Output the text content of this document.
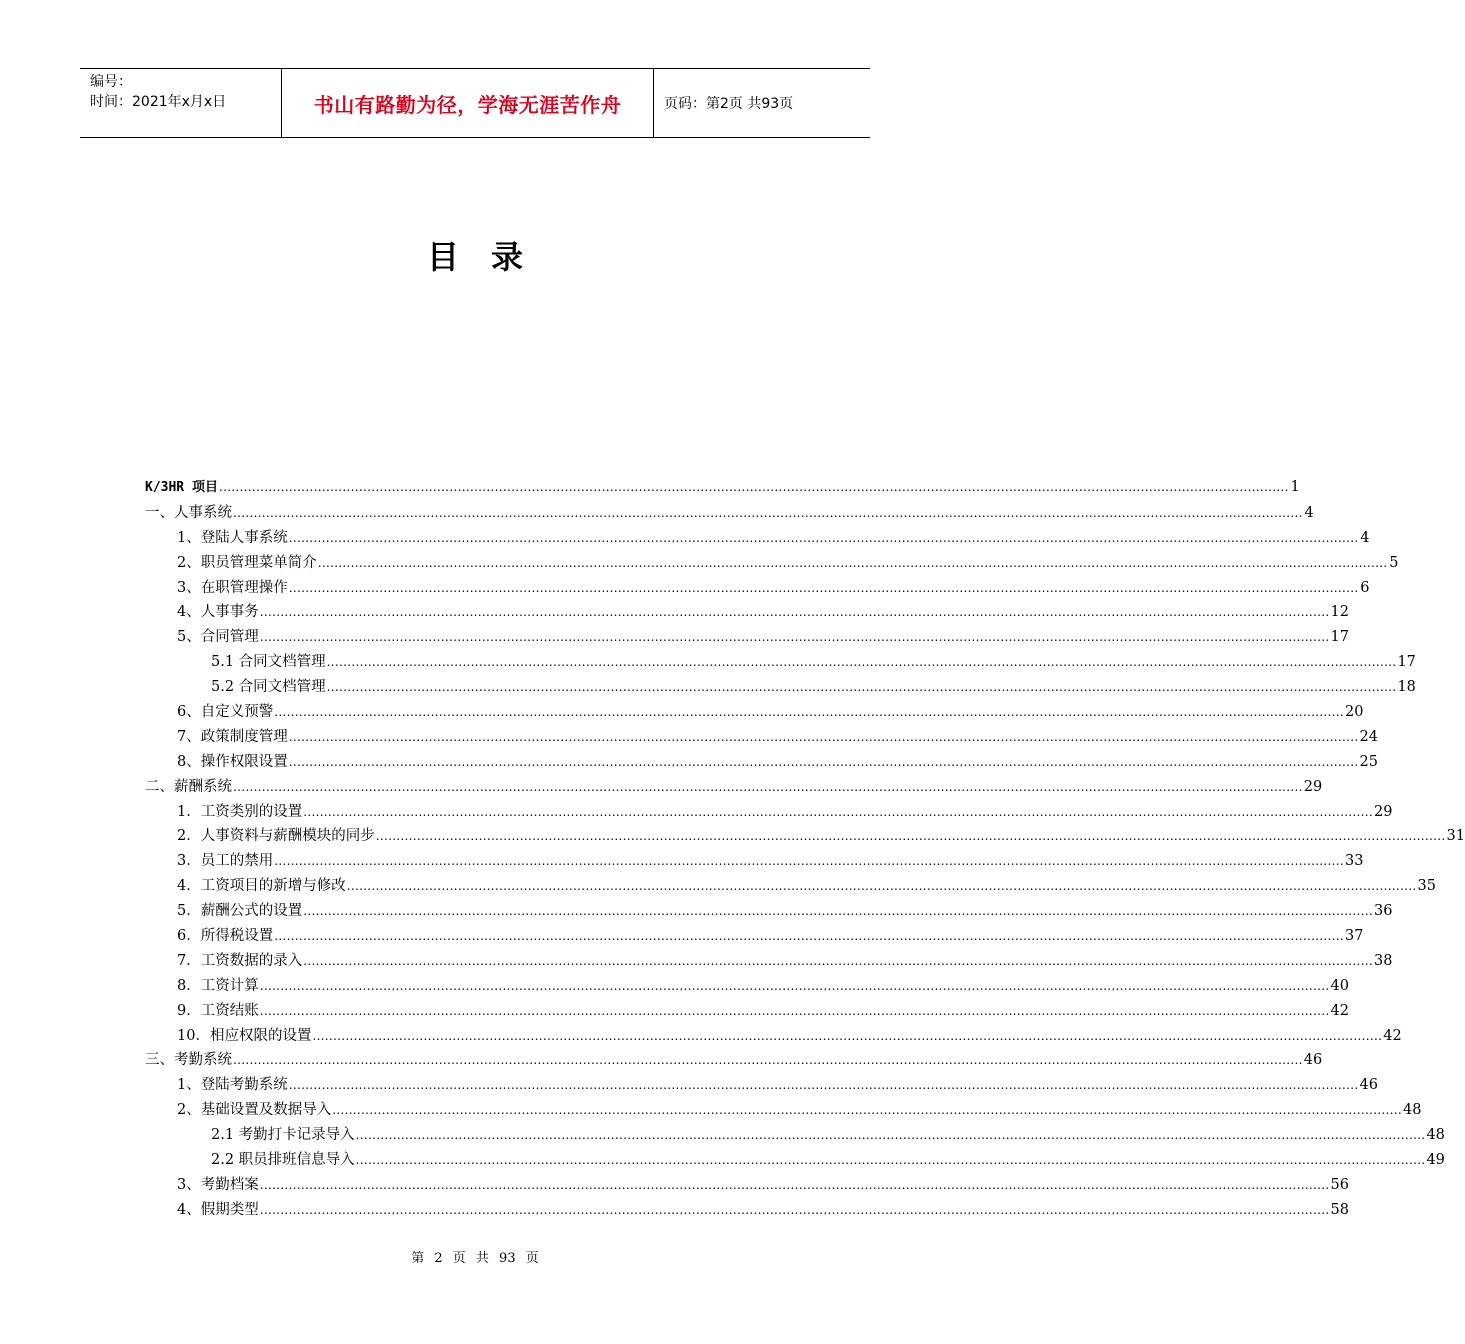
编号：
时间：2021年x月x日	书山有路勤为径，学海无涯苦作舟	页码：第2页 共93页
目录
K/3HR 项目 .................................................................................................................................................................................................................................................................... 1
一、人事系统 .................................................................................................................................................................................................................................................................... 4
1、登陆人事系统 .................................................................................................................................................................................................................................................................... 4
2、职员管理菜单简介 .................................................................................................................................................................................................................................................................... 5
3、在职管理操作 .................................................................................................................................................................................................................................................................... 6
4、人事事务 .................................................................................................................................................................................................................................................................... 12
5、合同管理 .................................................................................................................................................................................................................................................................... 17
5.1 合同文档管理 .................................................................................................................................................................................................................................................................... 17
5.2 合同文档管理 .................................................................................................................................................................................................................................................................... 18
6、自定义预警 .................................................................................................................................................................................................................................................................... 20
7、政策制度管理 .................................................................................................................................................................................................................................................................... 24
8、操作权限设置 .................................................................................................................................................................................................................................................................... 25
二、薪酬系统 .................................................................................................................................................................................................................................................................... 29
1．工资类别的设置 .................................................................................................................................................................................................................................................................... 29
2．人事资料与薪酬模块的同步 .................................................................................................................................................................................................................................................................... 31
3．员工的禁用 .................................................................................................................................................................................................................................................................... 33
4．工资项目的新增与修改 .................................................................................................................................................................................................................................................................... 35
5．薪酬公式的设置 .................................................................................................................................................................................................................................................................... 36
6．所得税设置 .................................................................................................................................................................................................................................................................... 37
7．工资数据的录入 .................................................................................................................................................................................................................................................................... 38
8．工资计算 .................................................................................................................................................................................................................................................................... 40
9．工资结账 .................................................................................................................................................................................................................................................................... 42
10．相应权限的设置 .................................................................................................................................................................................................................................................................... 42
三、考勤系统 .................................................................................................................................................................................................................................................................... 46
1、登陆考勤系统 .................................................................................................................................................................................................................................................................... 46
2、基础设置及数据导入 .................................................................................................................................................................................................................................................................... 48
2.1 考勤打卡记录导入 .................................................................................................................................................................................................................................................................... 48
2.2 职员排班信息导入 .................................................................................................................................................................................................................................................................... 49
3、考勤档案 .................................................................................................................................................................................................................................................................... 56
4、假期类型 .................................................................................................................................................................................................................................................................... 58
第 2 页 共 93 页
